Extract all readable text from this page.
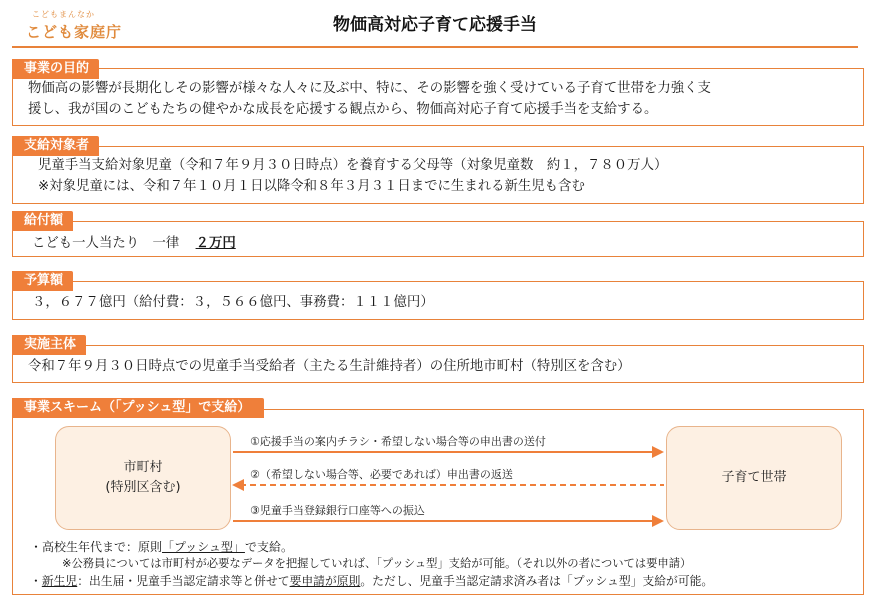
こどもまんなか
こども家庭庁	物価高対応子育て応援手当
事業の目的
物価高の影響が長期化しその影響が様々な人々に及ぶ中、特に、その影響を強く受けている子育て世帯を力強く支
援し、我が国のこどもたちの健やかな成長を応援する観点から、物価高対応子育て応援手当を支給する。
支給対象者
児童手当支給対象児童（令和７年９月３０日時点）を養育する父母等（対象児童数　約１，７８０万人）
※対象児童には、令和７年１０月１日以降令和８年３月３１日までに生まれる新生児も含む
給付額
こども一人当たり　一律 ２万円
予算額
３，６７７億円（給付費：３，５６６億円、事務費：１１１億円）
実施主体
令和７年９月３０日時点での児童手当受給者（主たる生計維持者）の住所地市町村（特別区を含む）
事業スキーム（「プッシュ型」で支給）
市町村
(特別区含む)
子育て世帯
①応援手当の案内チラシ・希望しない場合等の申出書の送付
②（希望しない場合等、必要であれば）申出書の返送
③児童手当登録銀行口座等への振込
・高校生年代まで：原則「プッシュ型」で支給。
※公務員については市町村が必要なデータを把握していれば、「プッシュ型」支給が可能。（それ以外の者については要申請）
・新生児：出生届・児童手当認定請求等と併せて要申請が原則。ただし、児童手当認定請求済み者は「プッシュ型」支給が可能。
